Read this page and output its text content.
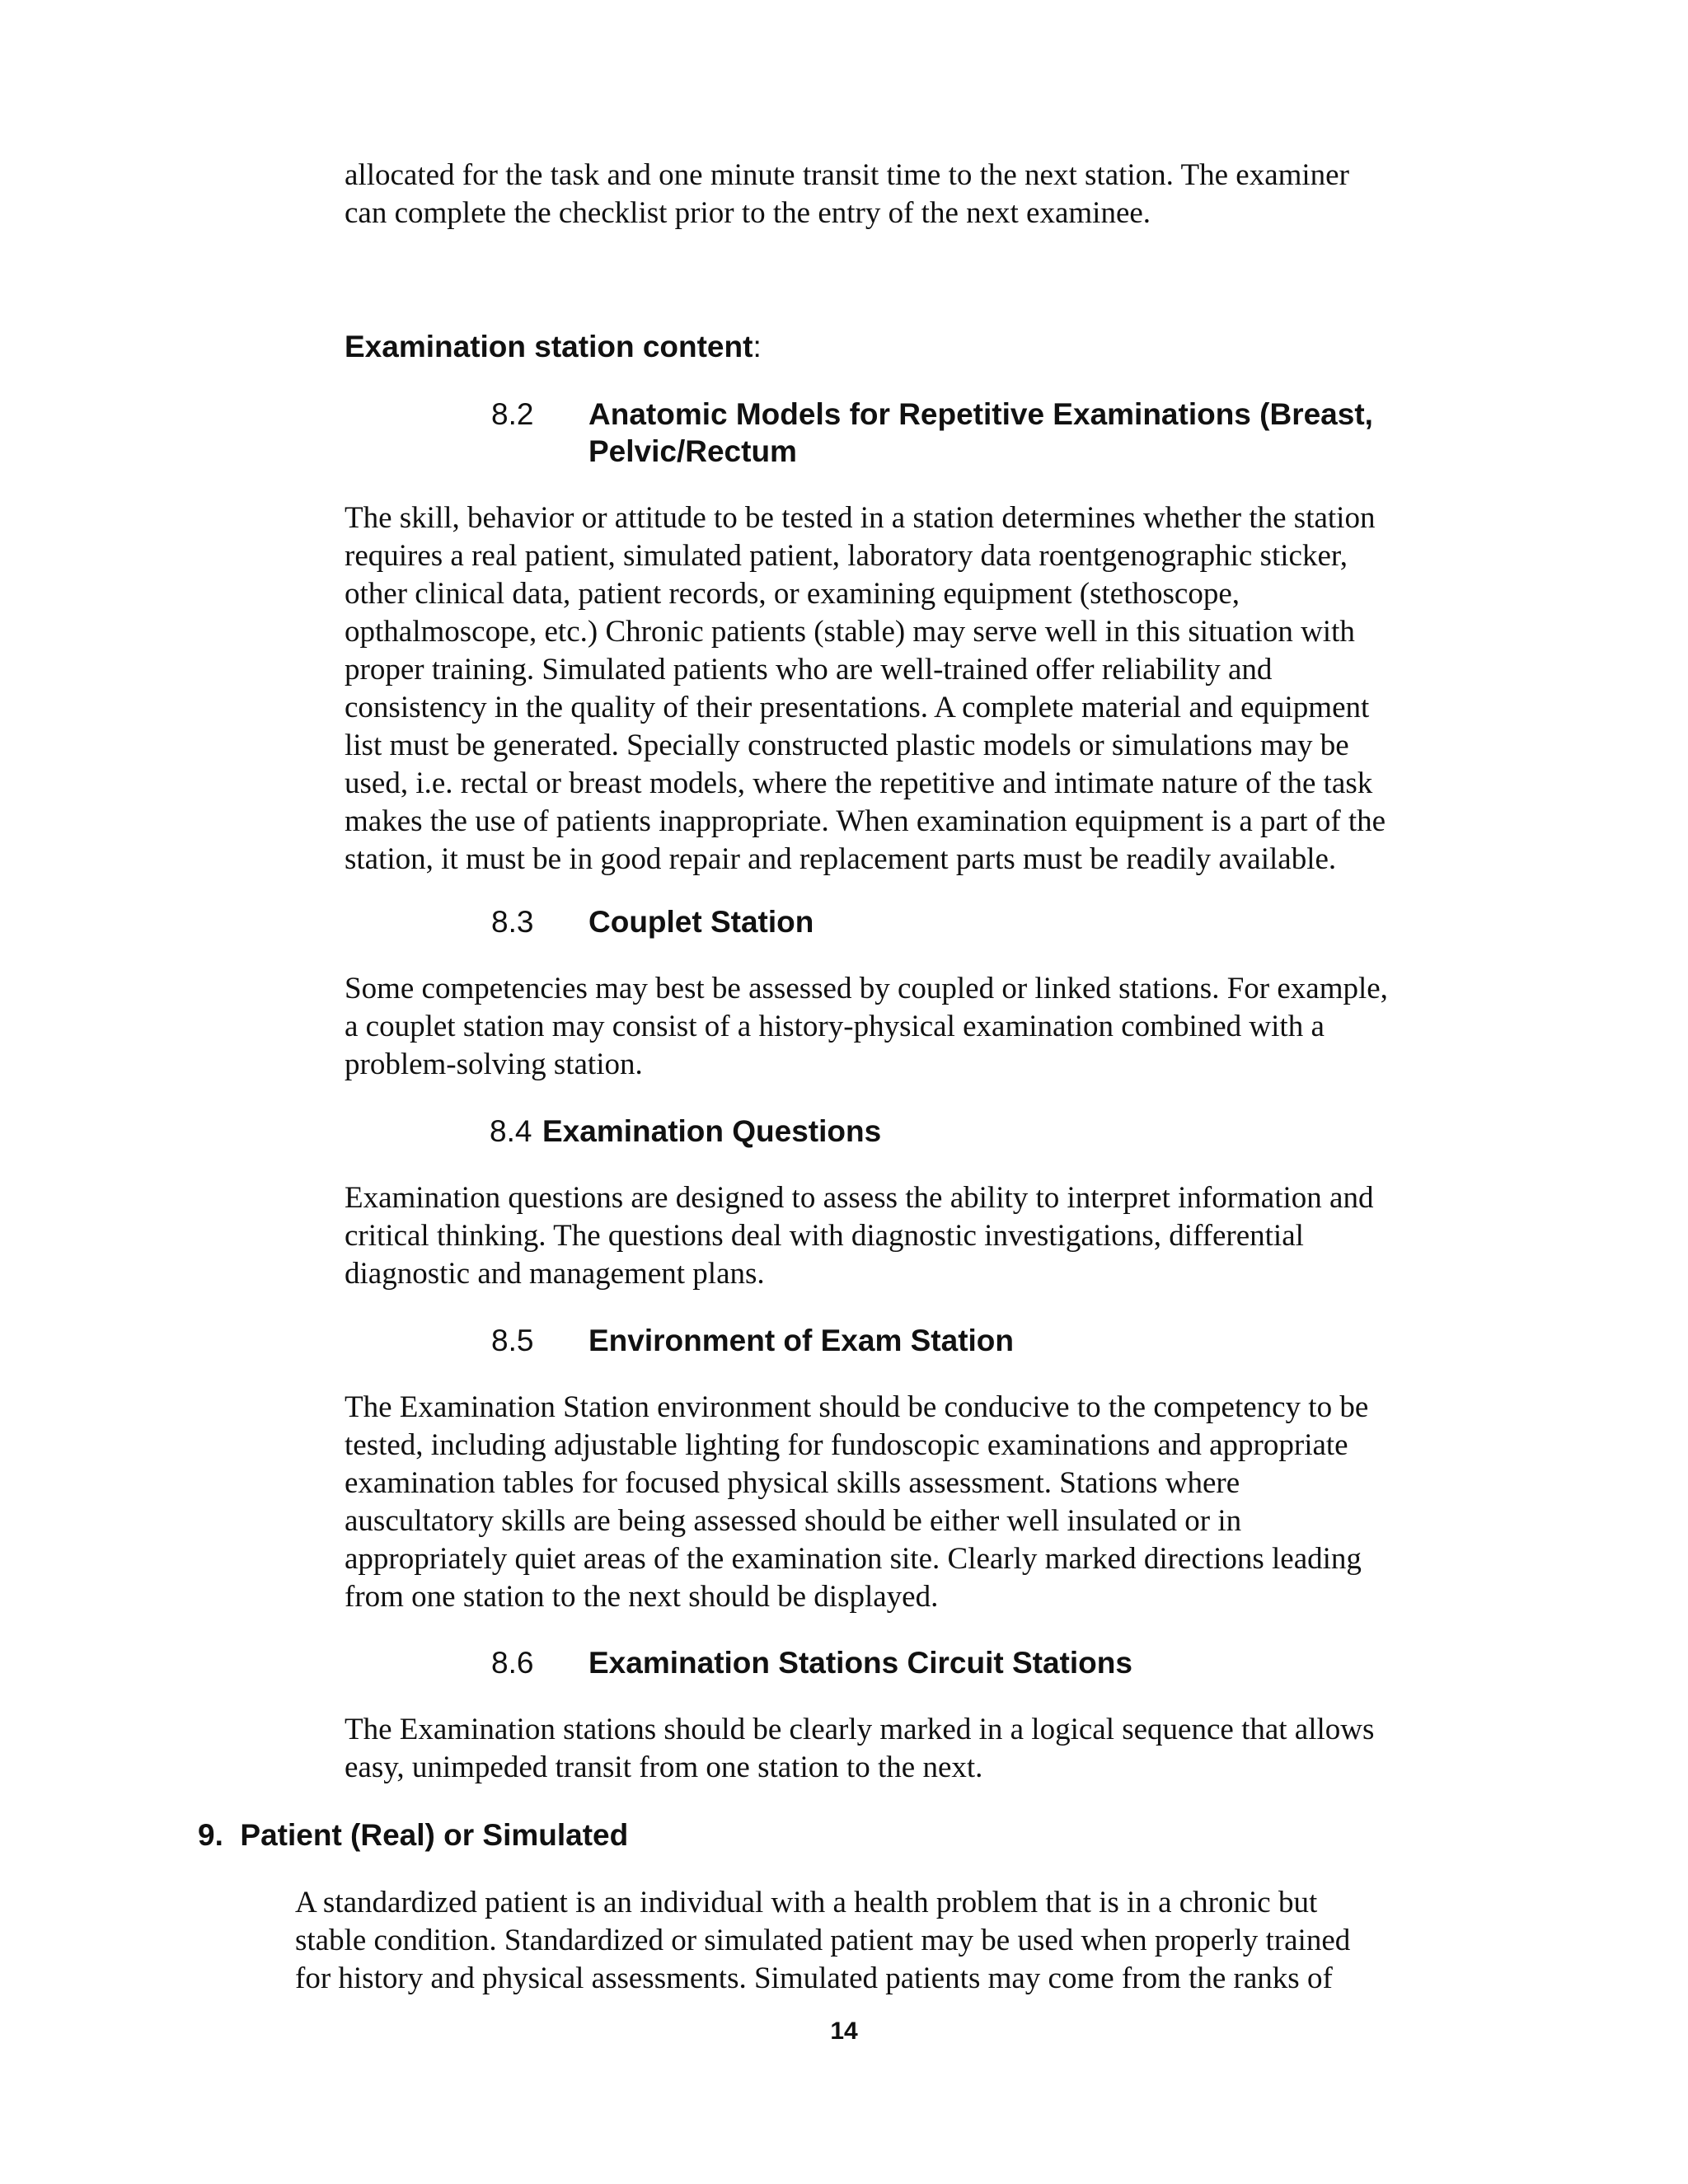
allocated for the task and one minute transit time to the next station. The examiner
can complete the checklist prior to the entry of the next examinee.

Examination station content:
8.2 Anatomic Models for Repetitive Examinations (Breast,
Pelvic/Rectum

The skill, behavior or attitude to be tested in a station determines whether the station
requires a real patient, simulated patient, laboratory data roentgenographic sticker,
other clinical data, patient records, or examining equipment (stethoscope,
opthalmoscope, etc.) Chronic patients (stable) may serve well in this situation with
proper training. Simulated patients who are well-trained offer reliability and
consistency in the quality of their presentations. A complete material and equipment
list must be generated. Specially constructed plastic models or simulations may be
used, i.e. rectal or breast models, where the repetitive and intimate nature of the task
makes the use of patients inappropriate. When examination equipment is a part of the
station, it must be in good repair and replacement parts must be readily available.

8.3 Couplet Station

Some competencies may best be assessed by coupled or linked stations. For example,
a couplet station may consist of a history-physical examination combined with a
problem-solving station.

8.4 Examination Questions

Examination questions are designed to assess the ability to interpret information and
critical thinking. The questions deal with diagnostic investigations, differential
diagnostic and management plans.

8.5 Environment of Exam Station

The Examination Station environment should be conducive to the competency to be
tested, including adjustable lighting for fundoscopic examinations and appropriate
examination tables for focused physical skills assessment. Stations where
auscultatory skills are being assessed should be either well insulated or in
appropriately quiet areas of the examination site. Clearly marked directions leading
from one station to the next should be displayed.

8.6 Examination Stations Circuit Stations

The Examination stations should be clearly marked in a logical sequence that allows
easy, unimpeded transit from one station to the next.

9.  Patient (Real) or Simulated

A standardized patient is an individual with a health problem that is in a chronic but
stable condition. Standardized or simulated patient may be used when properly trained
for history and physical assessments. Simulated patients may come from the ranks of

14
